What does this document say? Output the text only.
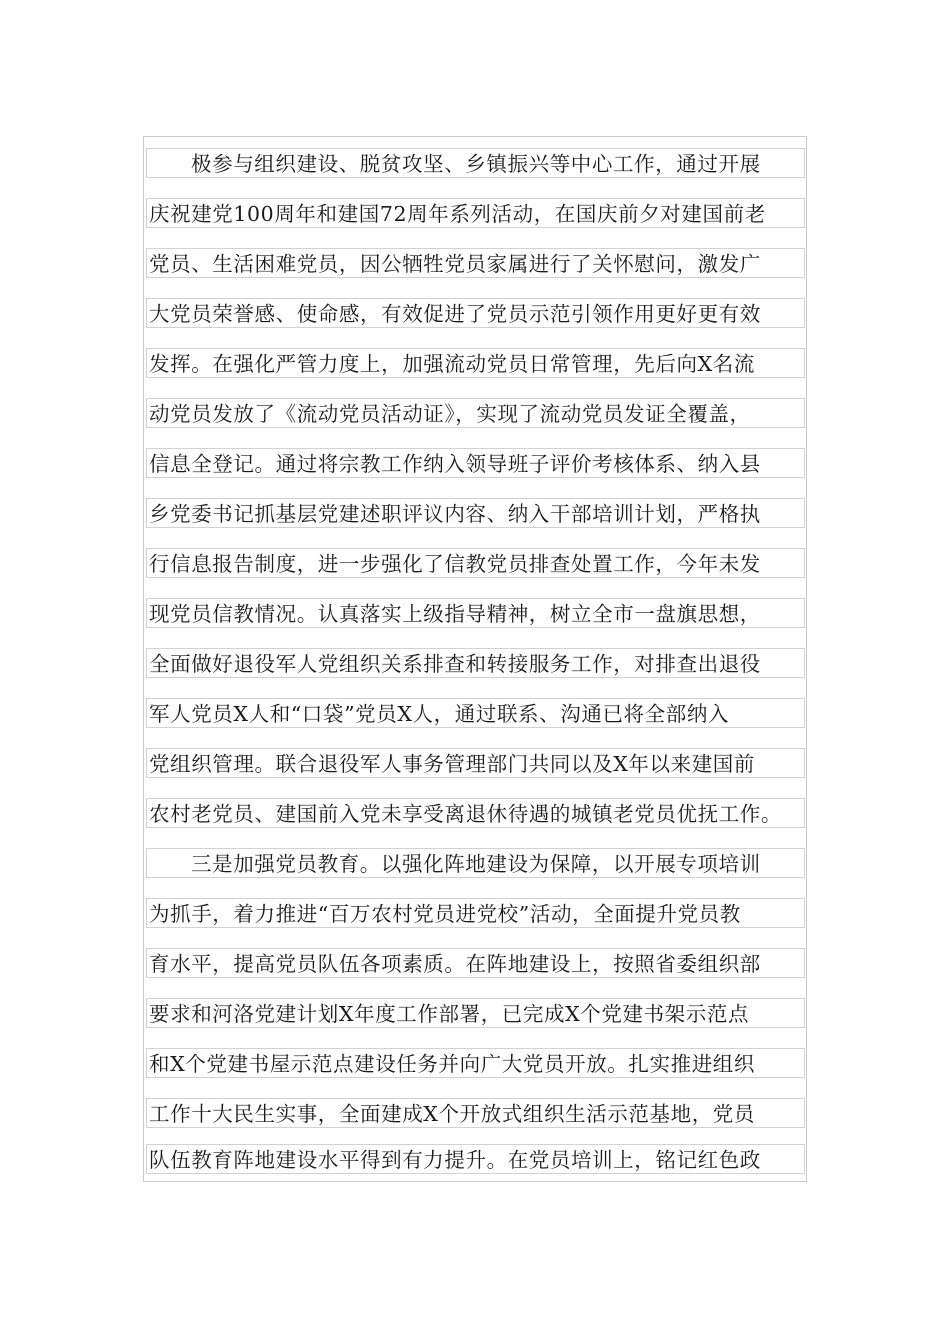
极参与组织建设、脱贫攻坚、乡镇振兴等中心工作，通过开展
庆祝建党100周年和建国72周年系列活动，在国庆前夕对建国前老
党员、生活困难党员，因公牺牲党员家属进行了关怀慰问，激发广
大党员荣誉感、使命感，有效促进了党员示范引领作用更好更有效
发挥。在强化严管力度上，加强流动党员日常管理，先后向X名流
动党员发放了《流动党员活动证》，实现了流动党员发证全覆盖，
信息全登记。通过将宗教工作纳入领导班子评价考核体系、纳入县
乡党委书记抓基层党建述职评议内容、纳入干部培训计划，严格执
行信息报告制度，进一步强化了信教党员排查处置工作，今年未发
现党员信教情况。认真落实上级指导精神，树立全市一盘旗思想，
全面做好退役军人党组织关系排查和转接服务工作，对排查出退役
军人党员X人和“口袋”党员X人，通过联系、沟通已将全部纳入
党组织管理。联合退役军人事务管理部门共同以及X年以来建国前
农村老党员、建国前入党未享受离退休待遇的城镇老党员优抚工作。
三是加强党员教育。以强化阵地建设为保障，以开展专项培训
为抓手，着力推进“百万农村党员进党校”活动，全面提升党员教
育水平，提高党员队伍各项素质。在阵地建设上，按照省委组织部
要求和河洛党建计划X年度工作部署，已完成X个党建书架示范点
和X个党建书屋示范点建设任务并向广大党员开放。扎实推进组织
工作十大民生实事，全面建成X个开放式组织生活示范基地，党员
队伍教育阵地建设水平得到有力提升。在党员培训上，铭记红色政
